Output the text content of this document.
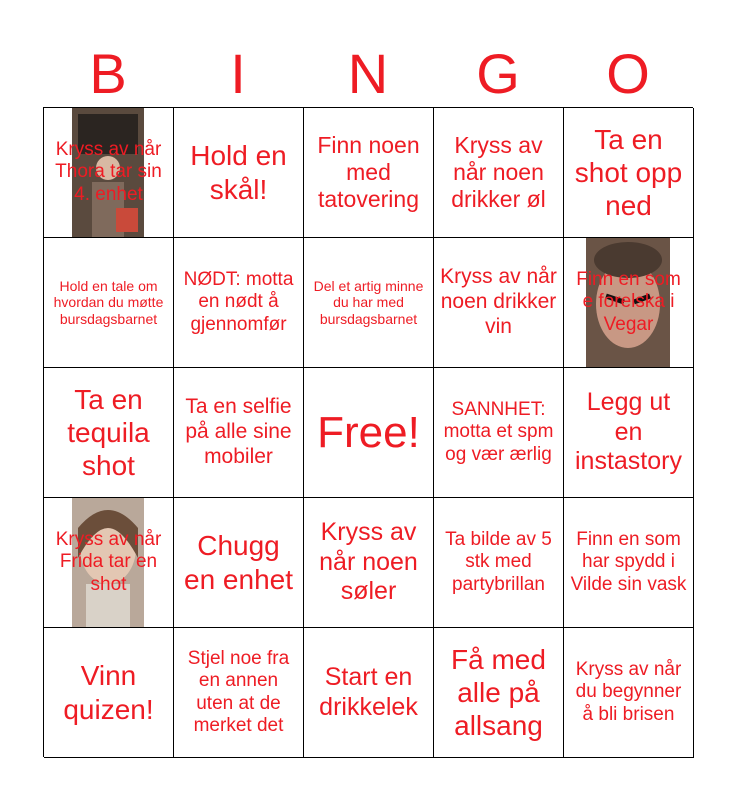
B	I	N	G	O
Kryss av når Thora tar sin 4. enhet
Hold en skål!
Finn noen med tatovering
Kryss av når noen drikker øl
Ta en shot opp ned
Hold en tale om hvordan du møtte bursdagsbarnet
NØDT: motta en nødt å gjennomfør
Del et artig minne du har med bursdagsbarnet
Kryss av når noen drikker vin
Finn en som e forelska i Vegar
Ta en tequila shot
Ta en selfie på alle sine mobiler	Free!	SANNHET: motta et spm og vær ærlig
Legg ut en instastory
Kryss av når Frida tar en shot
Chugg en enhet
Kryss av når noen søler
Ta bilde av 5 stk med partybrillan
Finn en som har spydd i Vilde sin vask
Vinn quizen!
Stjel noe fra en annen uten at de merket det
Start en drikkelek
Få med alle på allsang
Kryss av når du begynner å bli brisen
